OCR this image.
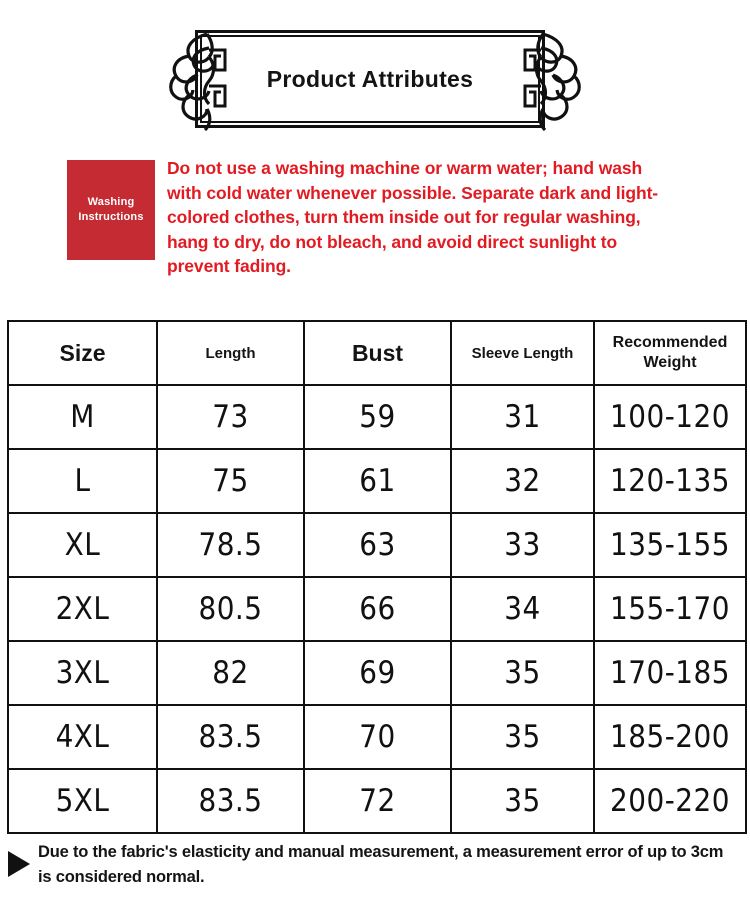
Product Attributes
Washing
Instructions
Do not use a washing machine or warm water; hand wash with cold water whenever possible. Separate dark and light-colored clothes, turn them inside out for regular washing, hang to dry, do not bleach, and avoid direct sunlight to prevent fading.
Size	Length	Bust	Sleeve Length	Recommended Weight
M	73	59	31	100-120
L	75	61	32	120-135
XL	78.5	63	33	135-155
2XL	80.5	66	34	155-170
3XL	82	69	35	170-185
4XL	83.5	70	35	185-200
5XL	83.5	72	35	200-220
Due to the fabric's elasticity and manual measurement, a measurement error of up to 3cm is considered normal.
